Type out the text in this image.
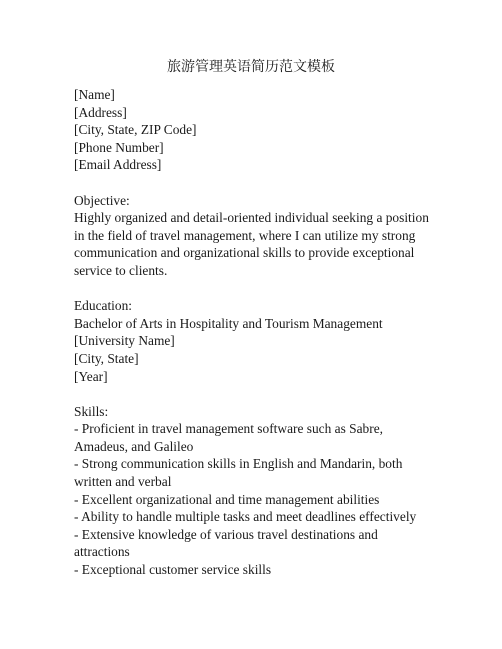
旅游管理英语简历范文模板
[Name]
[Address]
[City, State, ZIP Code]
[Phone Number]
[Email Address]
Objective:
Highly organized and detail-oriented individual seeking a position
in the field of travel management, where I can utilize my strong
communication and organizational skills to provide exceptional
service to clients.
Education:
Bachelor of Arts in Hospitality and Tourism Management
[University Name]
[City, State]
[Year]
Skills:
- Proficient in travel management software such as Sabre,
Amadeus, and Galileo
- Strong communication skills in English and Mandarin, both
written and verbal
- Excellent organizational and time management abilities
- Ability to handle multiple tasks and meet deadlines effectively
- Extensive knowledge of various travel destinations and
attractions
- Exceptional customer service skills
